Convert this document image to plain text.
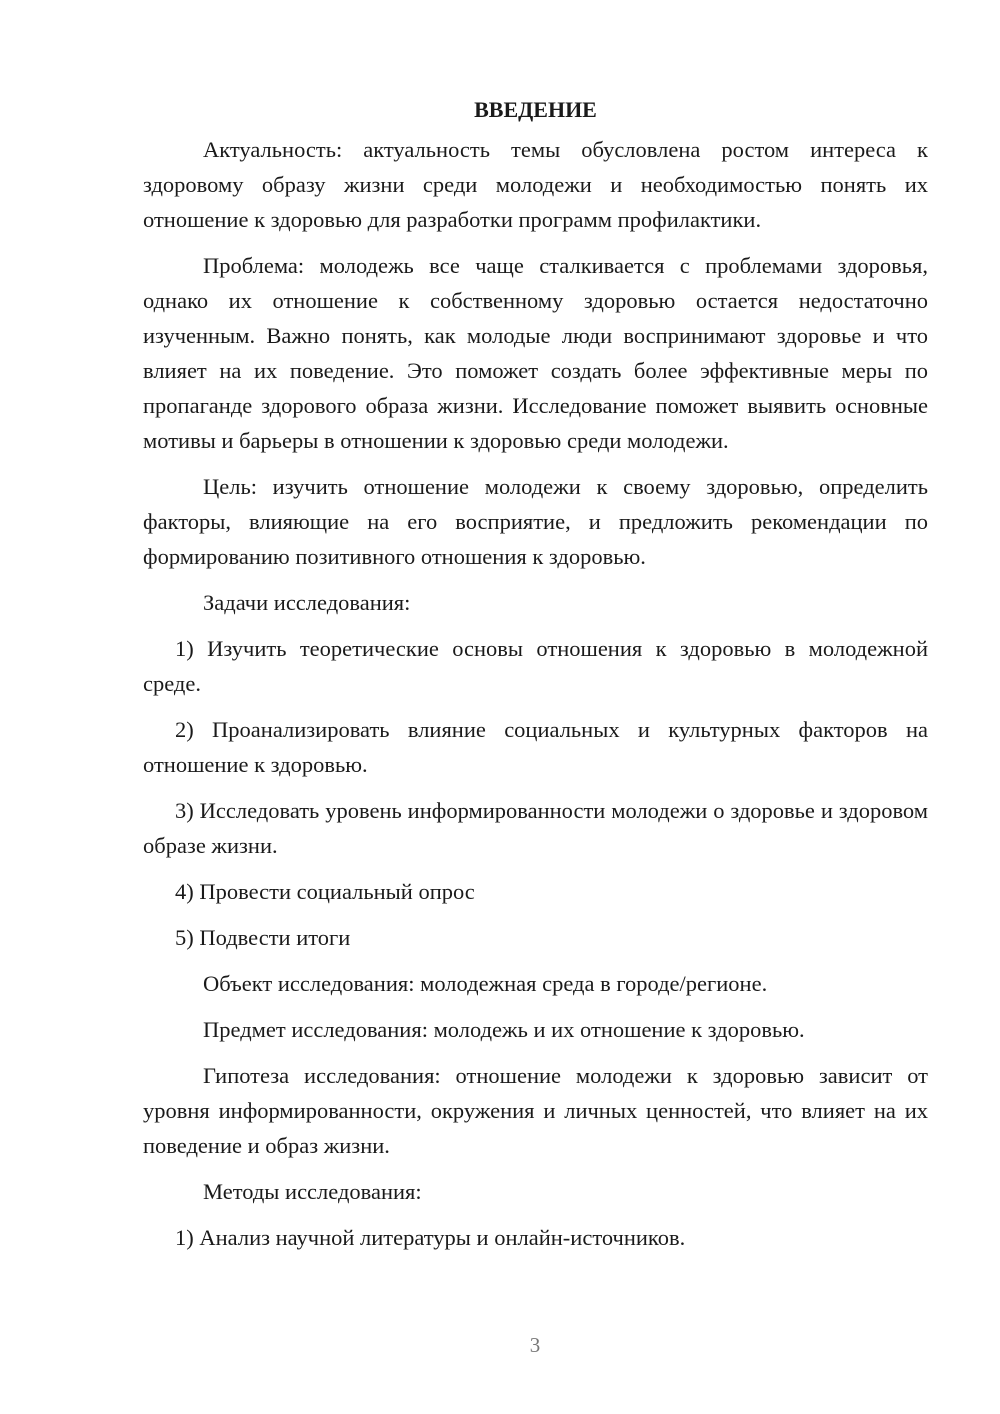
ВВЕДЕНИЕ

Актуальность: актуальность темы обусловлена ростом интереса к здоровому образу жизни среди молодежи и необходимостью понять их отношение к здоровью для разработки программ профилактики.

Проблема: молодежь все чаще сталкивается с проблемами здоровья, однако их отношение к собственному здоровью остается недостаточно изученным. Важно понять, как молодые люди воспринимают здоровье и что влияет на их поведение. Это поможет создать более эффективные меры по пропаганде здорового образа жизни. Исследование поможет выявить основные мотивы и барьеры в отношении к здоровью среди молодежи.

Цель: изучить отношение молодежи к своему здоровью, определить факторы, влияющие на его восприятие, и предложить рекомендации по формированию позитивного отношения к здоровью.

Задачи исследования:

1) Изучить теоретические основы отношения к здоровью в молодежной среде.

2) Проанализировать влияние социальных и культурных факторов на отношение к здоровью.

3) Исследовать уровень информированности молодежи о здоровье и здоровом образе жизни.

4) Провести социальный опрос

5) Подвести итоги

Объект исследования: молодежная среда в городе/регионе.

Предмет исследования: молодежь и их отношение к здоровью.

Гипотеза исследования: отношение молодежи к здоровью зависит от уровня информированности, окружения и личных ценностей, что влияет на их поведение и образ жизни.

Методы исследования:

1) Анализ научной литературы и онлайн-источников.

3
